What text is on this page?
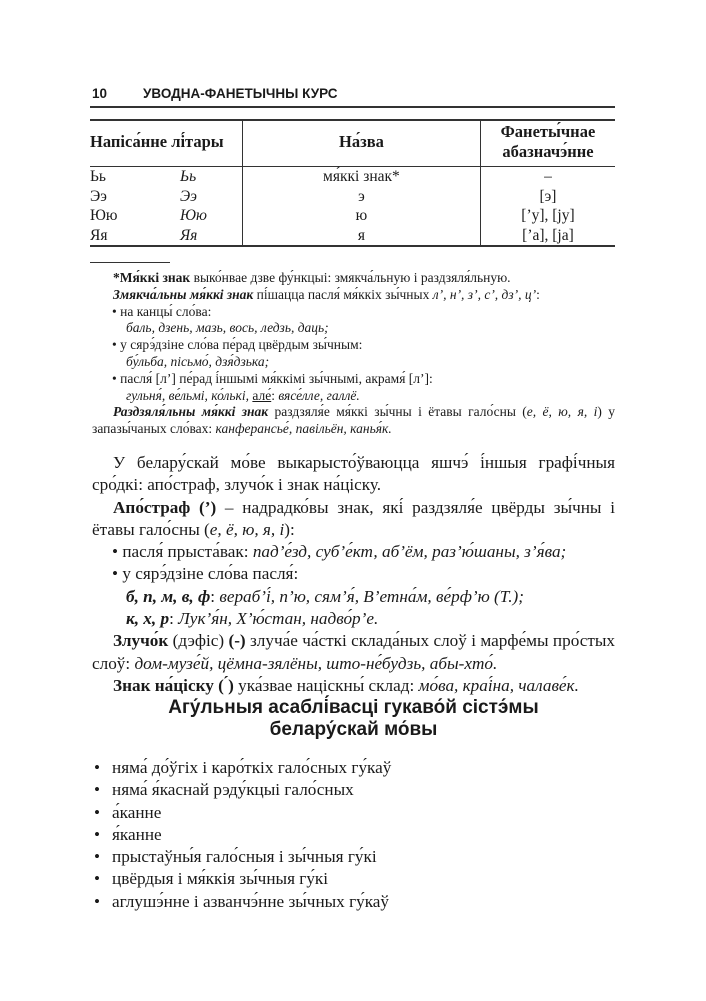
10	УВОДНА-ФАНЕТЫЧНЫ КУРС
Напіса́нне лі́тары		На́зва	Фанеты́чнае
абазначэ́нне
Ьь	Ьь	мя́ккі знак*	–
Ээ	Ээ	э	[э]
Юю	Юю	ю	[’у], [jу]
Яя	Яя	я	[’а], [jа]

*Мя́ккі знак выко́нвае дзве фу́нкцыі: змякча́льную і раздзяля́льную.

Змякча́льны мя́ккі знак пі́шацца пасля́ мя́ккіх зы́чных л’, н’, з’, с’, дз’, ц’:

• на канцы́ сло́ва:

баль, дзень, мазь, вось, ледзь, даць;

• у сярэ́дзіне сло́ва пе́рад цвёрдым зы́чным:

бу́льба, пісьмо́, дзя́дзька;

• пасля́ [л’] пе́рад і́ншымі мя́ккімі зы́чнымі, акрамя́ [л’]:

гульня́, ве́льмі, ко́лькі, але́: вясе́лле, галлё.

Раздзяля́льны мя́ккі знак раздзяля́е мя́ккі зы́чны і ётавы гало́сны (е, ё, ю, я, і) у запазы́чаных сло́вах: канферансье́, павільён, канья́к.

У белару́скай мо́ве выкарысто́ўваюцца яшчэ́ і́ншыя графі́чныя сро́дкі: апо́страф, злучо́к і знак на́ціску.

Апо́страф (’) – надрадко́вы знак, які́ раздзяля́е цвёрды зы́чны і ётавы гало́сны (е, ё, ю, я, і):

• пасля́ прыста́вак: пад’е́зд, суб’е́кт, аб’ём, раз’ю́шаны, з’я́ва;

• у сярэ́дзіне сло́ва пасля́:

б, п, м, в, ф: вераб’і́, п’ю, сям’я́, В’етна́м, ве́рф’ю (Т.);

к, х, р: Лук’я́н, Х’ю́стан, надво́р’е.

Злучо́к (дэфіс) (-) злуча́е ча́сткі склада́ных слоў і марфе́мы про́стых слоў: дом-музе́й, цёмна-зялёны, што-не́будзь, абы-хто́.

Знак на́ціску ( ́) ука́звае націскны́ склад: мо́ва, краі́на, чалаве́к.

Агу́льныя асаблі́васці гукаво́й сістэ́мы
белару́скай мо́вы
• няма́ до́ўгіх і каро́ткіх гало́сных гу́каў
• няма́ я́каснай рэду́кцыі гало́сных
• а́канне
• я́канне
• прыстаўны́я гало́сныя і зы́чныя гу́кі
• цвёрдыя і мя́ккія зы́чныя гу́кі
• аглушэ́нне і азванчэ́нне зы́чных гу́каў
